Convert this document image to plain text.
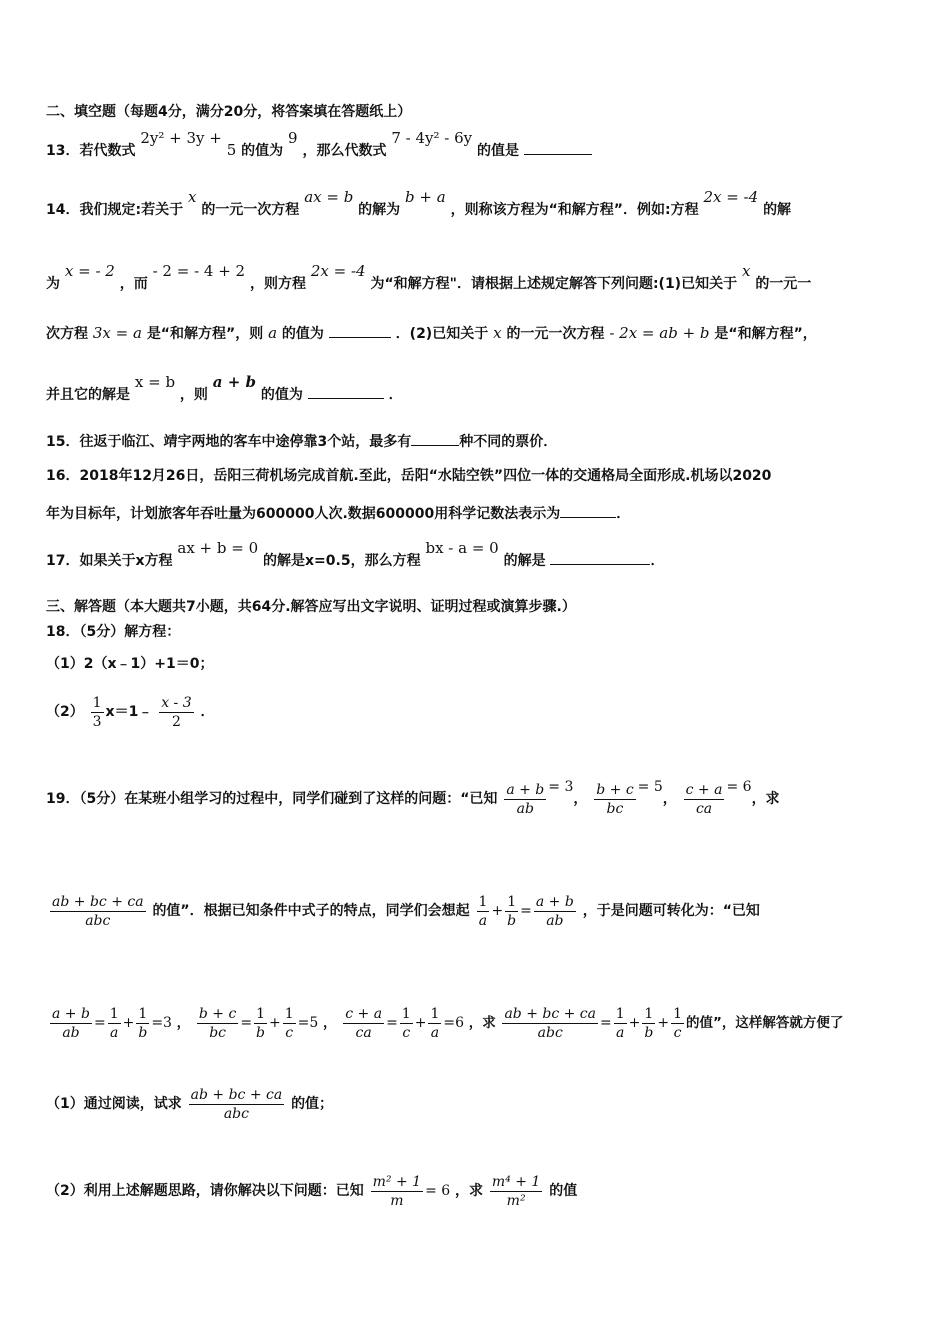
二、填空题（每题4分，满分20分，将答案填在答题纸上）
13．若代数式 2y² + 3y + 5 的值为 9 ，那么代数式 7 - 4y² - 6y 的值是
14．我们规定:若关于 x 的一元一次方程 ax = b 的解为 b + a ，则称该方程为“和解方程”．例如:方程 2x = -4 的解
为 x = - 2 ，而 - 2 = - 4 + 2 ，则方程 2x = -4 为“和解方程"．请根据上述规定解答下列问题:(1)已知关于 x 的一元一
次方程 3x = a 是“和解方程”，则 a 的值为	．(2)已知关于 x 的一元一次方程 - 2x = ab + b 是“和解方程”，
并且它的解是 x = b ，则 a + b 的值为	．
15．往返于临江、靖宇两地的客车中途停靠3个站，最多有	种不同的票价．
16．2018年12月26日，岳阳三荷机场完成首航.至此，岳阳“水陆空铁”四位一体的交通格局全面形成.机场以2020
年为目标年，计划旅客年吞吐量为600000人次.数据600000用科学记数法表示为	．
17．如果关于x方程 ax + b = 0 的解是x=0.5，那么方程 bx - a = 0 的解是	．
三、解答题（本大题共7小题，共64分.解答应写出文字说明、证明过程或演算步骤.）
18．（5分）解方程：
（1）2（x﹣1）+1＝0；
$(2) \frac{1}{3}$ x＝1﹣ $\frac{x - 3}{2}$ ．
19．（5分）在某班小组学习的过程中，同学们碰到了这样的问题：“已知 $\frac{a + b}{ab} = 3$， $\frac{b + c}{bc} = 5$， $\frac{c + a}{ca} = 6$，求
$\frac{ab + bc + ca}{\text{abc}}$ 的值”．根据已知条件中式子的特点，同学们会想起 $\frac{1}{a} + \frac{1}{b} = \frac{a + b}{ab}$ ，于是问题可转化为：“已知
$\frac{a + b}{ab} = \frac{1}{a} + \frac{1}{b} =3$ ， $\frac{b + c}{bc} = \frac{1}{b} + \frac{1}{c} =5$ ， $\frac{c + a}{ca} = \frac{1}{c} + \frac{1}{a} =6$ ，求 $\frac{ab + bc + ca}{\text{abc}} = \frac{1}{a} + \frac{1}{b} + \frac{1}{c}$ 的值”，这样解答就方便了
（1）通过阅读，试求 $\frac{ab + bc + ca}{\text{abc}}$ 的值；
（2）利用上述解题思路，请你解决以下问题：已知 $\frac{\text{m² + 1}}{m} = 6$ ，求 $\frac{\text{m⁴ + 1}}{\text{m²}}$ 的值
